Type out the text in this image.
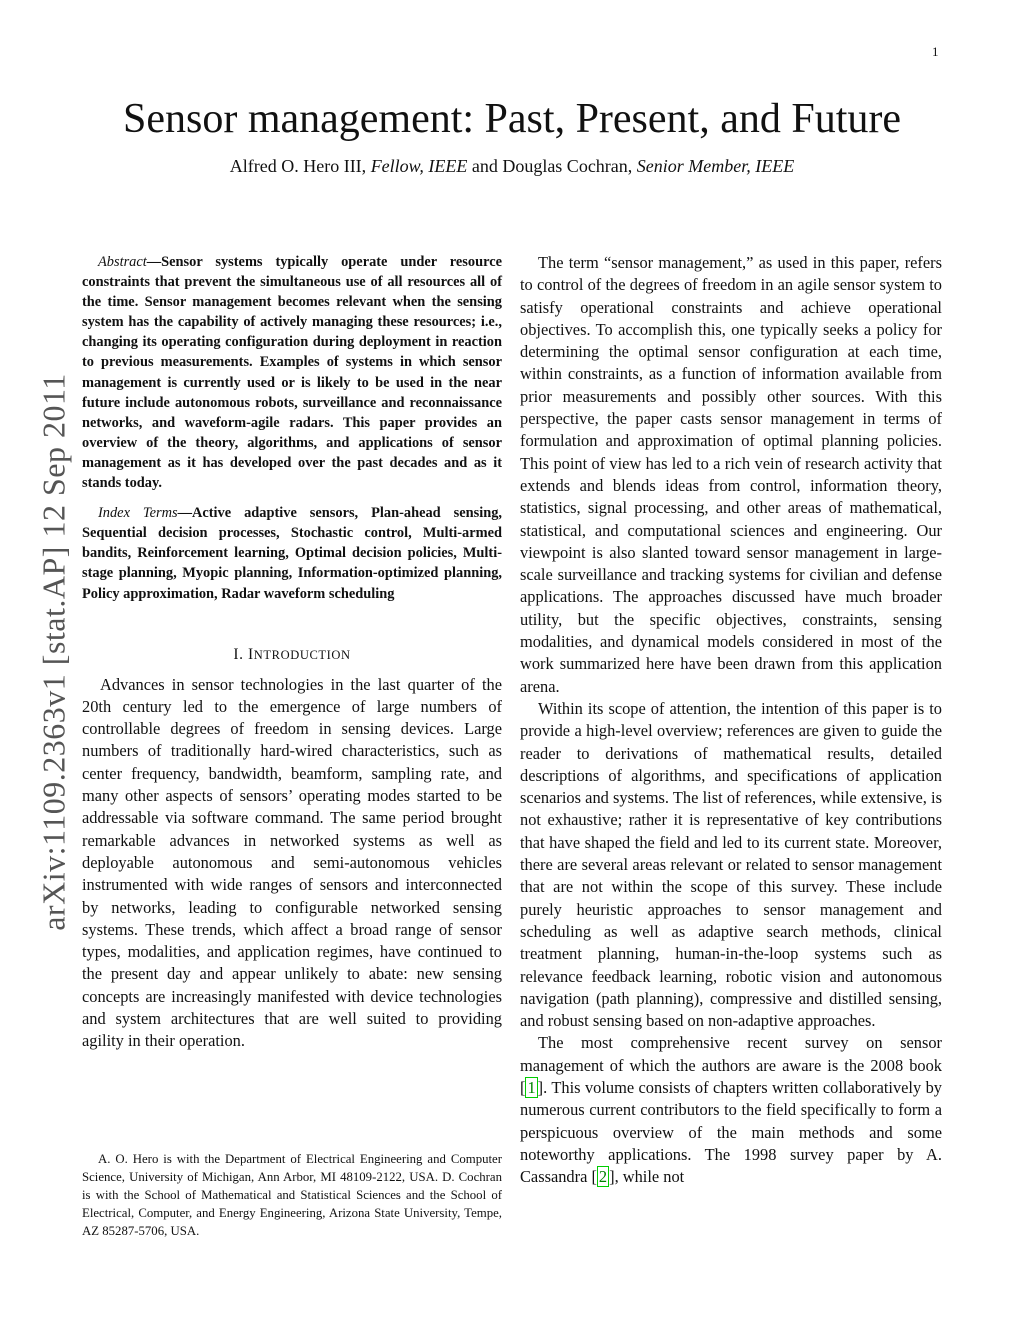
1
arXiv:1109.2363v1 [stat.AP] 12 Sep 2011
Sensor management: Past, Present, and Future
Alfred O. Hero III, Fellow, IEEE and Douglas Cochran, Senior Member, IEEE

Abstract—Sensor systems typically operate under resource constraints that prevent the simultaneous use of all resources all of the time. Sensor management becomes relevant when the sensing system has the capability of actively managing these resources; i.e., changing its operating configuration during deployment in reaction to previous measurements. Examples of systems in which sensor management is currently used or is likely to be used in the near future include autonomous robots, surveillance and reconnaissance networks, and waveform-agile radars. This paper provides an overview of the theory, algorithms, and applications of sensor management as it has developed over the past decades and as it stands today.

Index Terms—Active adaptive sensors, Plan-ahead sensing, Sequential decision processes, Stochastic control, Multi-armed bandits, Reinforcement learning, Optimal decision policies, Multi-stage planning, Myopic planning, Information-optimized planning, Policy approximation, Radar waveform scheduling

I. INTRODUCTION

Advances in sensor technologies in the last quarter of the 20th century led to the emergence of large numbers of controllable degrees of freedom in sensing devices. Large numbers of traditionally hard-wired characteristics, such as center frequency, bandwidth, beamform, sampling rate, and many other aspects of sensors’ operating modes started to be addressable via software command. The same period brought remarkable advances in networked systems as well as deployable autonomous and semi-autonomous vehicles instrumented with wide ranges of sensors and interconnected by networks, leading to configurable networked sensing systems. These trends, which affect a broad range of sensor types, modalities, and application regimes, have continued to the present day and appear unlikely to abate: new sensing concepts are increasingly manifested with device technologies and system architectures that are well suited to providing agility in their operation.

A. O. Hero is with the Department of Electrical Engineering and Computer Science, University of Michigan, Ann Arbor, MI 48109-2122, USA. D. Cochran is with the School of Mathematical and Statistical Sciences and the School of Electrical, Computer, and Energy Engineering, Arizona State University, Tempe, AZ 85287-5706, USA.

The term “sensor management,” as used in this paper, refers to control of the degrees of freedom in an agile sensor system to satisfy operational constraints and achieve operational objectives. To accomplish this, one typically seeks a policy for determining the optimal sensor configuration at each time, within constraints, as a function of information available from prior measurements and possibly other sources. With this perspective, the paper casts sensor management in terms of formulation and approximation of optimal planning policies. This point of view has led to a rich vein of research activity that extends and blends ideas from control, information theory, statistics, signal processing, and other areas of mathematical, statistical, and computational sciences and engineering. Our viewpoint is also slanted toward sensor management in large-scale surveillance and tracking systems for civilian and defense applications. The approaches discussed have much broader utility, but the specific objectives, constraints, sensing modalities, and dynamical models considered in most of the work summarized here have been drawn from this application arena.

Within its scope of attention, the intention of this paper is to provide a high-level overview; references are given to guide the reader to derivations of mathematical results, detailed descriptions of algorithms, and specifications of application scenarios and systems. The list of references, while extensive, is not exhaustive; rather it is representative of key contributions that have shaped the field and led to its current state. Moreover, there are several areas relevant or related to sensor management that are not within the scope of this survey. These include purely heuristic approaches to sensor management and scheduling as well as adaptive search methods, clinical treatment planning, human-in-the-loop systems such as relevance feedback learning, robotic vision and autonomous navigation (path planning), compressive and distilled sensing, and robust sensing based on non-adaptive approaches.

The most comprehensive recent survey on sensor management of which the authors are aware is the 2008 book [ 1 ]. This volume consists of chapters written collaboratively by numerous current contributors to the field specifically to form a perspicuous overview of the main methods and some noteworthy applications. The 1998 survey paper by A. Cassandra [ 2 ], while not
